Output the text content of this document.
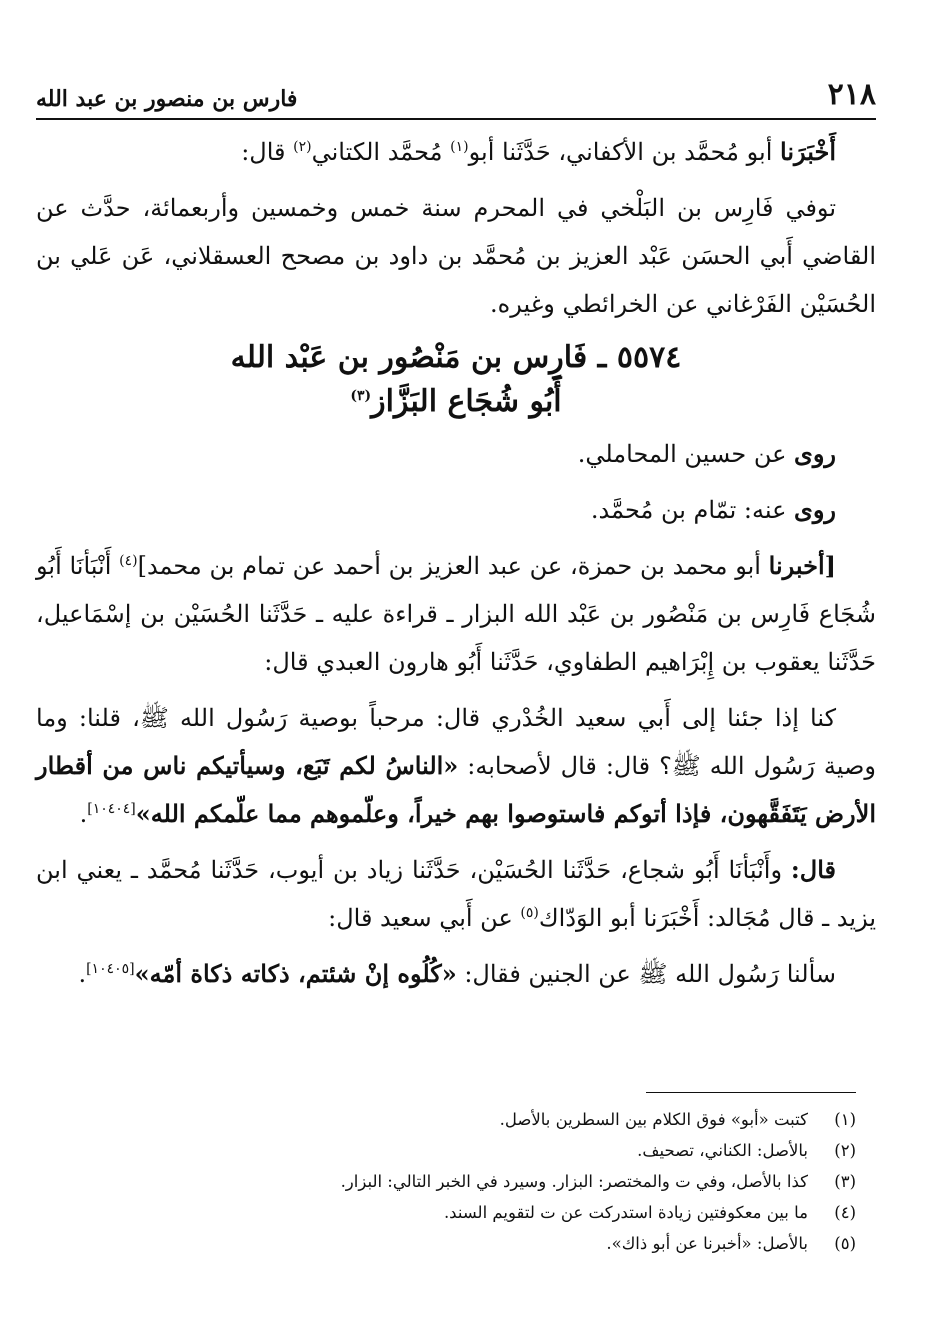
٢١٨
فارس بن منصور بن عبد الله

أَخْبَرَنا أبو مُحمَّد بن الأكفاني، حَدَّثَنا أبو$^{(١)}$ مُحمَّد الكتاني$^{(٢)}$ قال:

توفي فَارِس بن البَلْخي في المحرم سنة خمس وخمسين وأربعمائة، حدَّث عن القاضي أَبي الحسَن عَبْد العزيز بن مُحمَّد بن داود بن مصحح العسقلاني، عَن عَلي بن الحُسَيْن الفَرْغاني عن الخرائطي وغيره.

٥٥٧٤ ـ فَارِس بن مَنْصُور بن عَبْد الله
أَبُو شُجَاع البَزَّاز$^{(٣)}$

روى عن حسين المحاملي.

روى عنه: تمّام بن مُحمَّد.

[أخبرنا أبو محمد بن حمزة، عن عبد العزيز بن أحمد عن تمام بن محمد]$^{(٤)}$ أَنْبَأنَا أَبُو شُجَاع فَارِس بن مَنْصُور بن عَبْد الله البزار ـ قراءة عليه ـ حَدَّثَنا الحُسَيْن بن إسْمَاعيل، حَدَّثَنا يعقوب بن إِبْرَاهيم الطفاوي، حَدَّثَنا أَبُو هارون العبدي قال:

كنا إذا جئنا إلى أَبي سعيد الخُدْري قال: مرحباً بوصية رَسُول الله ﷺ، قلنا: وما وصية رَسُول الله ﷺ؟ قال: قال لأصحابه: «الناسُ لكم تَبَع، وسيأتيكم ناس من أقطار الأرض يَتَفَقَّهون، فإذا أتوكم فاستوصوا بهم خيراً، وعلّموهم مما علّمكم الله»[١٠٤٠٤].

قال: وأَنْبَأنَا أَبُو شجاع، حَدَّثَنا الحُسَيْن، حَدَّثَنا زياد بن أيوب، حَدَّثَنا مُحمَّد ـ يعني ابن يزيد ـ قال مُجَالد: أَخْبَرَنا أبو الوَدّاك$^{(٥)}$ عن أَبي سعيد قال:

سألنا رَسُول الله ﷺ عن الجنين فقال: «كُلُوه إنْ شئتم، ذكاته ذكاة أمّه»[١٠٤٠٥].

(١)
كتبت «أبو» فوق الكلام بين السطرين بالأصل.
(٢)
بالأصل: الكناني، تصحيف.
(٣)
كذا بالأصل، وفي ت والمختصر: البزار. وسيرد في الخبر التالي: البزار.
(٤)
ما بين معكوفتين زيادة استدركت عن ت لتقويم السند.
(٥)
بالأصل: «أخبرنا عن أبو ذاك».
